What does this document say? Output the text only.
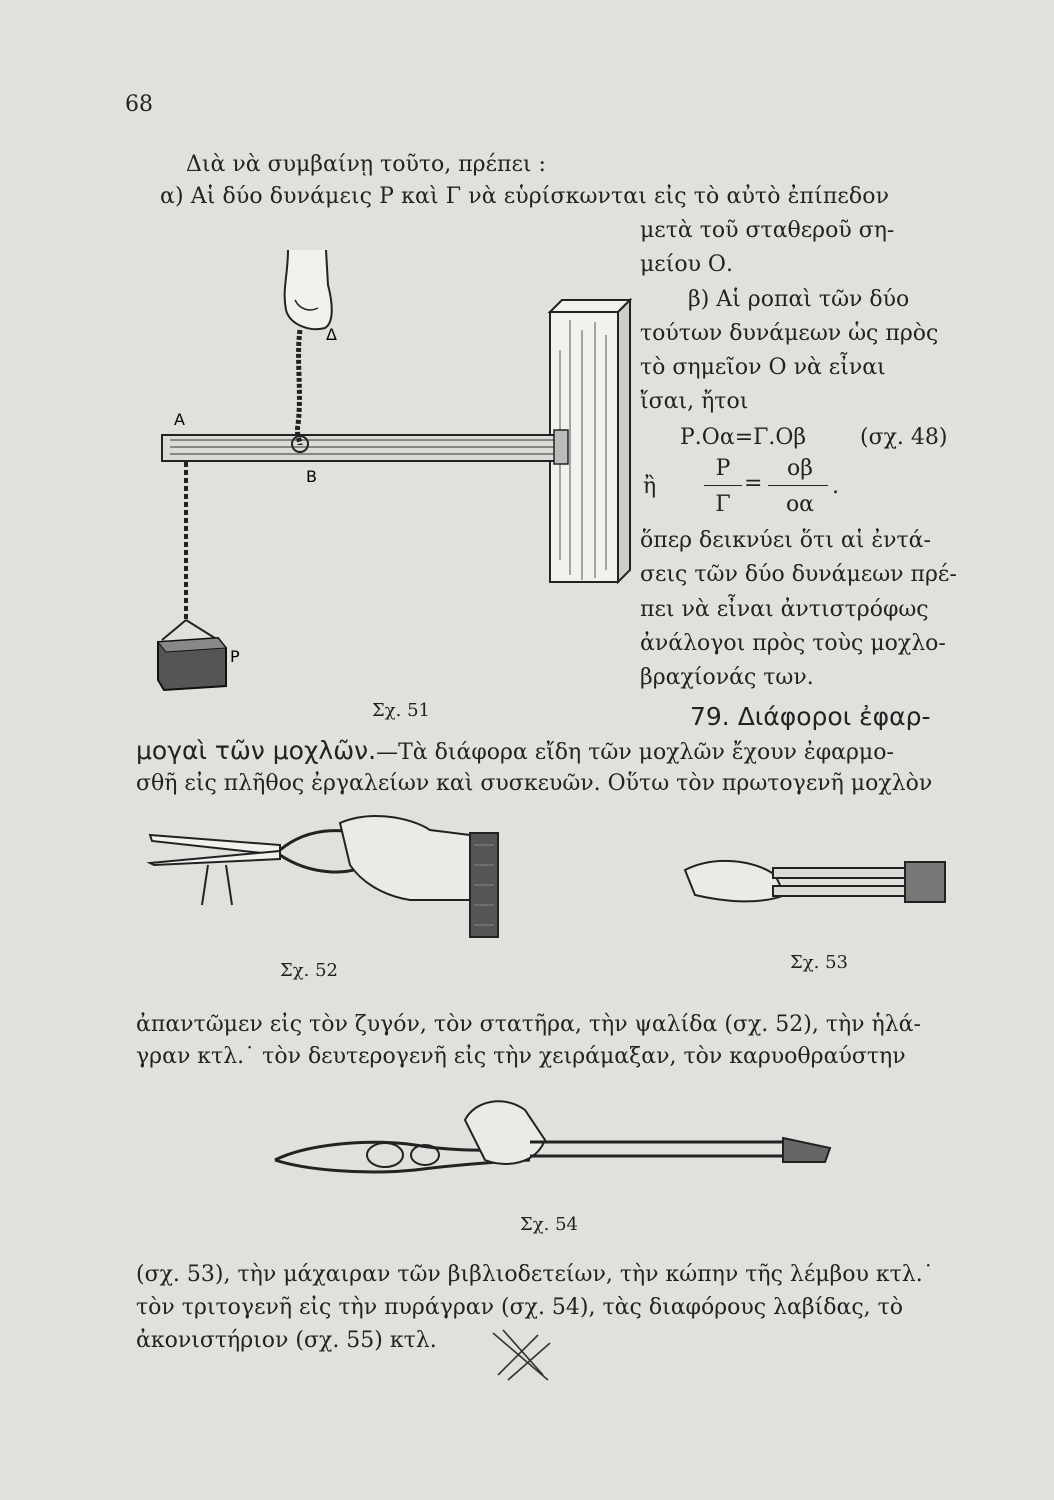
68
Διὰ νὰ συμβαίνῃ τοῦτο, πρέπει :
α) Αἱ δύο δυνάμεις Ρ καὶ Γ νὰ εὑρίσκωνται εἰς τὸ αὐτὸ ἐπίπεδον
μετὰ τοῦ σταθεροῦ ση-
μείου Ο.
β) Αἱ ροπαὶ τῶν δύο
τούτων δυνάμεων ὡς πρὸς
τὸ σημεῖον Ο νὰ εἶναι
ἴσαι, ἤτοι
Ρ.Οα=Γ.Οβ (σχ. 48)
ἢ
Ρ
Γ
=
οβ
οα
.
ὅπερ δεικνύει ὅτι αἱ ἐντά-
σεις τῶν δύο δυνάμεων πρέ-
πει νὰ εἶναι ἀντιστρόφως
ἀνάλογοι πρὸς τοὺς μοχλο-
βραχίονάς των.
Α
Δ
Β
Ρ
Σχ. 51	79. Διάφοροι ἐφαρ-
μογαὶ τῶν μοχλῶν.—Τὰ διάφορα εἴδη τῶν μοχλῶν ἔχουν ἐφαρμο-
σθῆ εἰς πλῆθος ἐργαλείων καὶ συσκευῶν. Οὕτω τὸν πρωτογενῆ μοχλὸν
Σχ. 52	Σχ. 53
ἀπαντῶμεν εἰς τὸν ζυγόν, τὸν στατῆρα, τὴν ψαλίδα (σχ. 52), τὴν ἡλά-
γραν κτλ.˙ τὸν δευτερογενῆ εἰς τὴν χειράμαξαν, τὸν καρυοθραύστην
Σχ. 54
(σχ. 53), τὴν μάχαιραν τῶν βιβλιοδετείων, τὴν κώπην τῆς λέμβου κτλ.˙
τὸν τριτογενῆ εἰς τὴν πυράγραν (σχ. 54), τὰς διαφόρους λαβίδας, τὸ
ἀκονιστήριον (σχ. 55) κτλ.
